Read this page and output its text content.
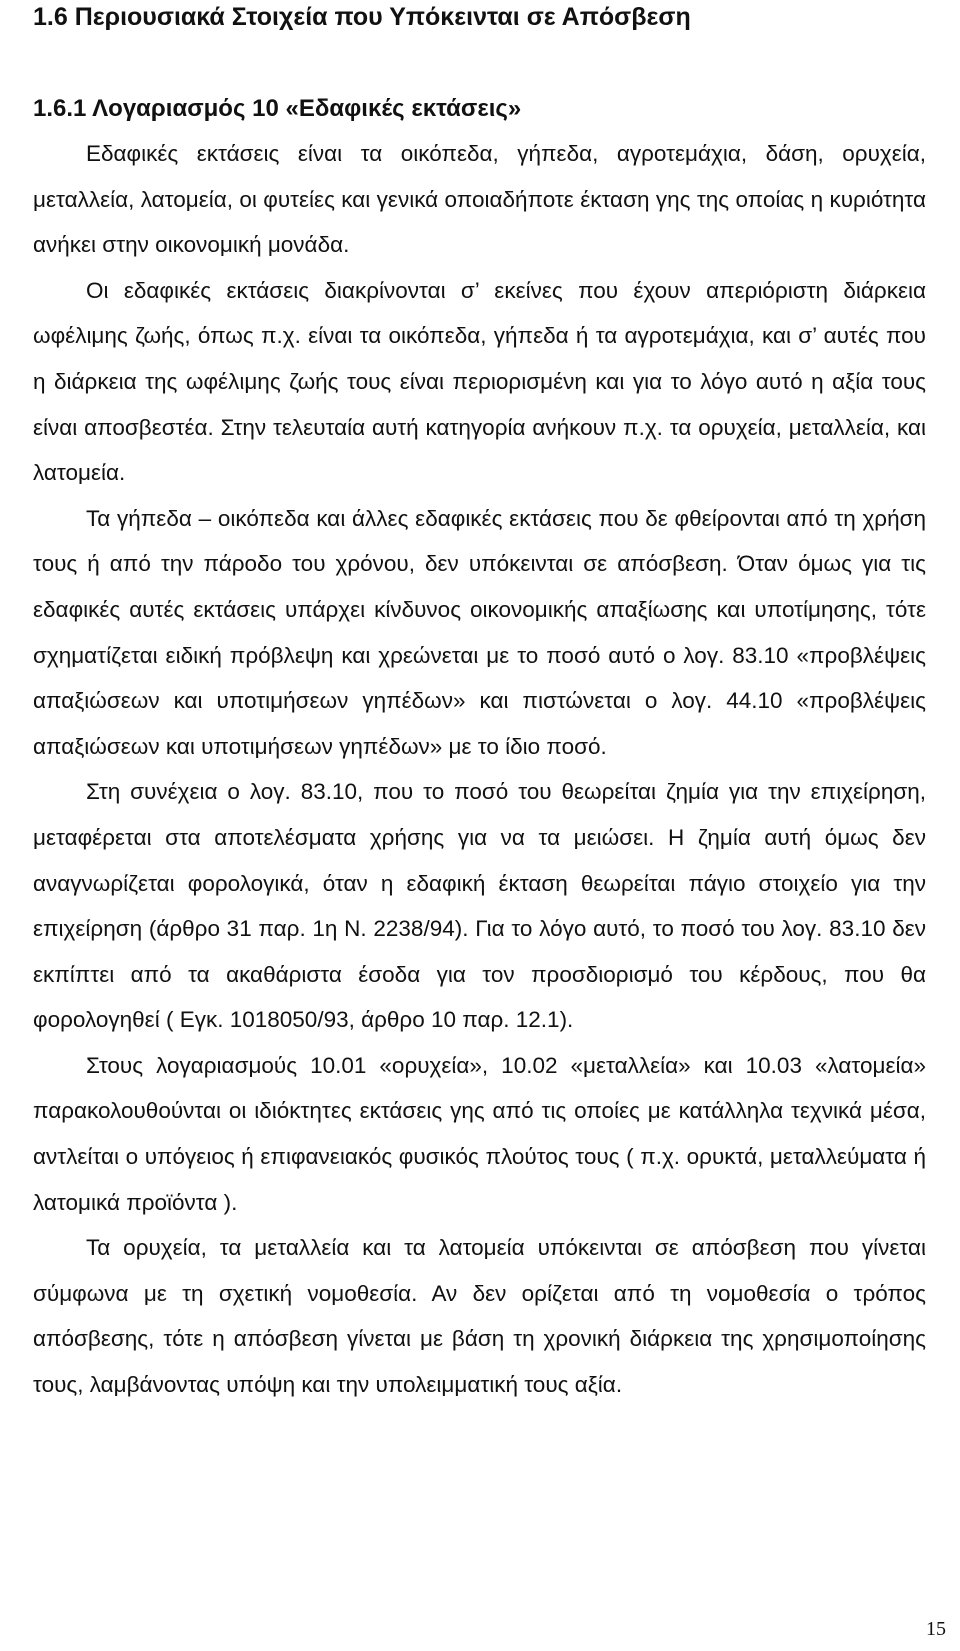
1.6 Περιουσιακά Στοιχεία που Υπόκεινται σε Απόσβεση
1.6.1 Λογαριασμός 10 «Εδαφικές εκτάσεις»

Εδαφικές εκτάσεις είναι τα οικόπεδα, γήπεδα, αγροτεμάχια, δάση, ορυχεία, μεταλλεία, λατομεία, οι φυτείες και γενικά οποιαδήποτε έκταση γης της οποίας η κυριότητα ανήκει στην οικονομική μονάδα.

Οι εδαφικές εκτάσεις διακρίνονται σ’ εκείνες που έχουν απεριόριστη διάρκεια ωφέλιμης ζωής, όπως π.χ. είναι τα οικόπεδα, γήπεδα ή τα αγροτεμάχια, και σ’ αυτές που η διάρκεια της ωφέλιμης ζωής τους είναι περιορισμένη και για το λόγο αυτό η αξία τους είναι αποσβεστέα. Στην τελευταία αυτή κατηγορία ανήκουν π.χ. τα ορυχεία, μεταλλεία, και λατομεία.

Τα γήπεδα – οικόπεδα και άλλες εδαφικές εκτάσεις που δε φθείρονται από τη χρήση τους ή από την πάροδο του χρόνου, δεν υπόκεινται σε απόσβεση. Όταν όμως για τις εδαφικές αυτές εκτάσεις υπάρχει κίνδυνος οικονομικής απαξίωσης και υποτίμησης, τότε σχηματίζεται ειδική πρόβλεψη και χρεώνεται με το ποσό αυτό ο λογ. 83.10 «προβλέψεις απαξιώσεων και υποτιμήσεων γηπέδων» και πιστώνεται ο λογ. 44.10 «προβλέψεις απαξιώσεων και υποτιμήσεων γηπέδων» με το ίδιο ποσό.

Στη συνέχεια ο λογ. 83.10, που το ποσό του θεωρείται ζημία για την επιχείρηση, μεταφέρεται στα αποτελέσματα χρήσης για να τα μειώσει. Η ζημία αυτή όμως δεν αναγνωρίζεται φορολογικά, όταν η εδαφική έκταση θεωρείται πάγιο στοιχείο για την επιχείρηση (άρθρο 31 παρ. 1η Ν. 2238/94). Για το λόγο αυτό, το ποσό του λογ. 83.10 δεν εκπίπτει από τα ακαθάριστα έσοδα για τον προσδιορισμό του κέρδους, που θα φορολογηθεί ( Εγκ. 1018050/93, άρθρο 10 παρ. 12.1).

Στους λογαριασμούς 10.01 «ορυχεία», 10.02 «μεταλλεία» και 10.03 «λατομεία» παρακολουθούνται οι ιδιόκτητες εκτάσεις γης από τις οποίες με κατάλληλα τεχνικά μέσα, αντλείται ο υπόγειος ή επιφανειακός φυσικός πλούτος τους ( π.χ. ορυκτά, μεταλλεύματα ή λατομικά προϊόντα ).

Τα ορυχεία, τα μεταλλεία και τα λατομεία υπόκεινται σε απόσβεση που γίνεται σύμφωνα με τη σχετική νομοθεσία. Αν δεν ορίζεται από τη νομοθεσία ο τρόπος απόσβεσης, τότε η απόσβεση γίνεται με βάση τη χρονική διάρκεια της χρησιμοποίησης τους, λαμβάνοντας υπόψη και την υπολειμματική τους αξία.

15
